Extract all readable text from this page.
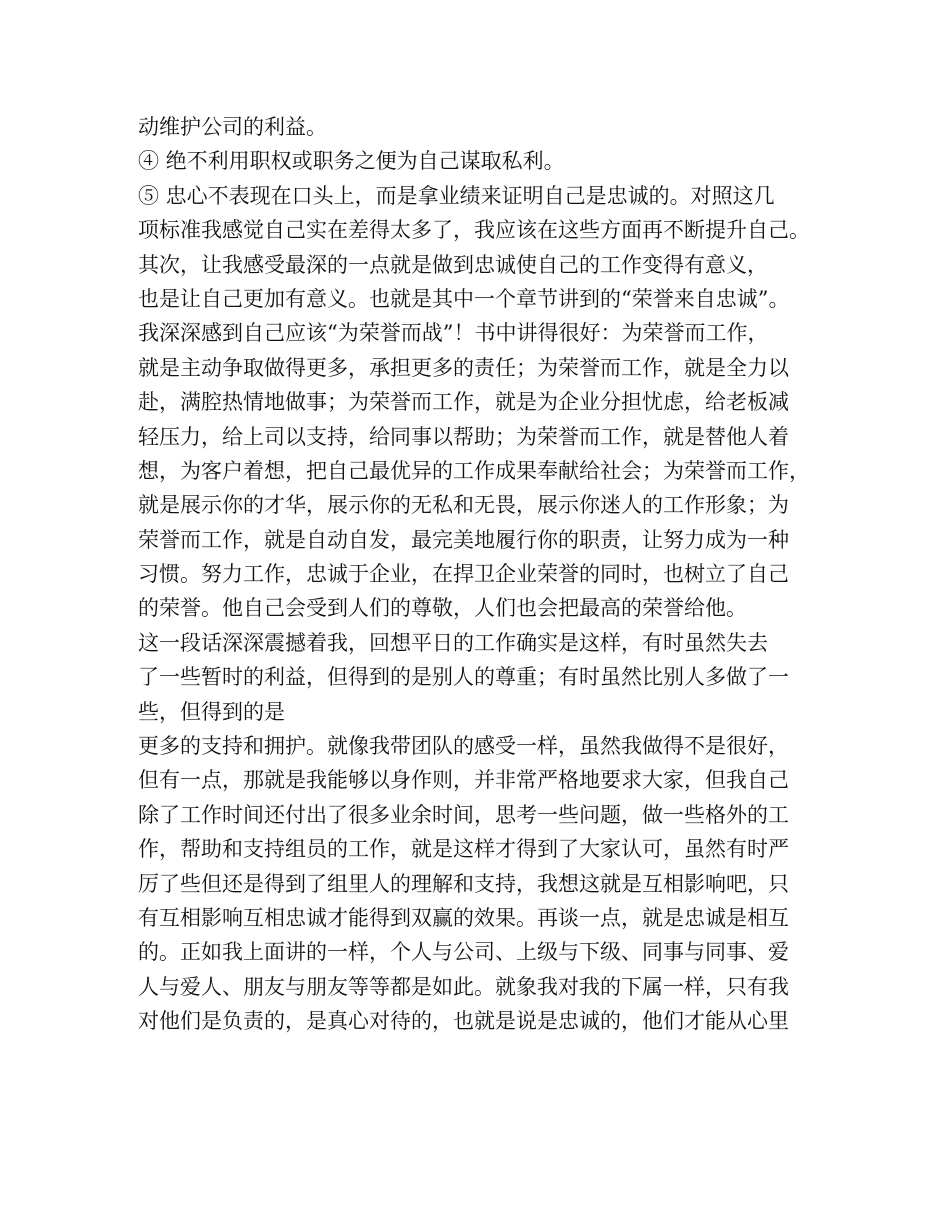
动维护公司的利益。
④ 绝不利用职权或职务之便为自己谋取私利。
⑤ 忠心不表现在口头上，而是拿业绩来证明自己是忠诚的。对照这几
项标准我感觉自己实在差得太多了，我应该在这些方面再不断提升自己。
其次，让我感受最深的一点就是做到忠诚使自己的工作变得有意义，
也是让自己更加有意义。也就是其中一个章节讲到的“荣誉来自忠诚”。
我深深感到自己应该“为荣誉而战”！书中讲得很好：为荣誉而工作，
就是主动争取做得更多，承担更多的责任；为荣誉而工作，就是全力以
赴，满腔热情地做事；为荣誉而工作，就是为企业分担忧虑，给老板减
轻压力，给上司以支持，给同事以帮助；为荣誉而工作，就是替他人着
想，为客户着想，把自己最优异的工作成果奉献给社会；为荣誉而工作，
就是展示你的才华，展示你的无私和无畏，展示你迷人的工作形象；为
荣誉而工作，就是自动自发，最完美地履行你的职责，让努力成为一种
习惯。努力工作，忠诚于企业，在捍卫企业荣誉的同时，也树立了自己
的荣誉。他自己会受到人们的尊敬，人们也会把最高的荣誉给他。
这一段话深深震撼着我，回想平日的工作确实是这样，有时虽然失去
了一些暂时的利益，但得到的是别人的尊重；有时虽然比别人多做了一
些，但得到的是
更多的支持和拥护。就像我带团队的感受一样，虽然我做得不是很好，
但有一点，那就是我能够以身作则，并非常严格地要求大家，但我自己
除了工作时间还付出了很多业余时间，思考一些问题，做一些格外的工
作，帮助和支持组员的工作，就是这样才得到了大家认可，虽然有时严
厉了些但还是得到了组里人的理解和支持，我想这就是互相影响吧，只
有互相影响互相忠诚才能得到双赢的效果。再谈一点，就是忠诚是相互
的。正如我上面讲的一样，个人与公司、上级与下级、同事与同事、爱
人与爱人、朋友与朋友等等都是如此。就象我对我的下属一样，只有我
对他们是负责的，是真心对待的，也就是说是忠诚的，他们才能从心里
